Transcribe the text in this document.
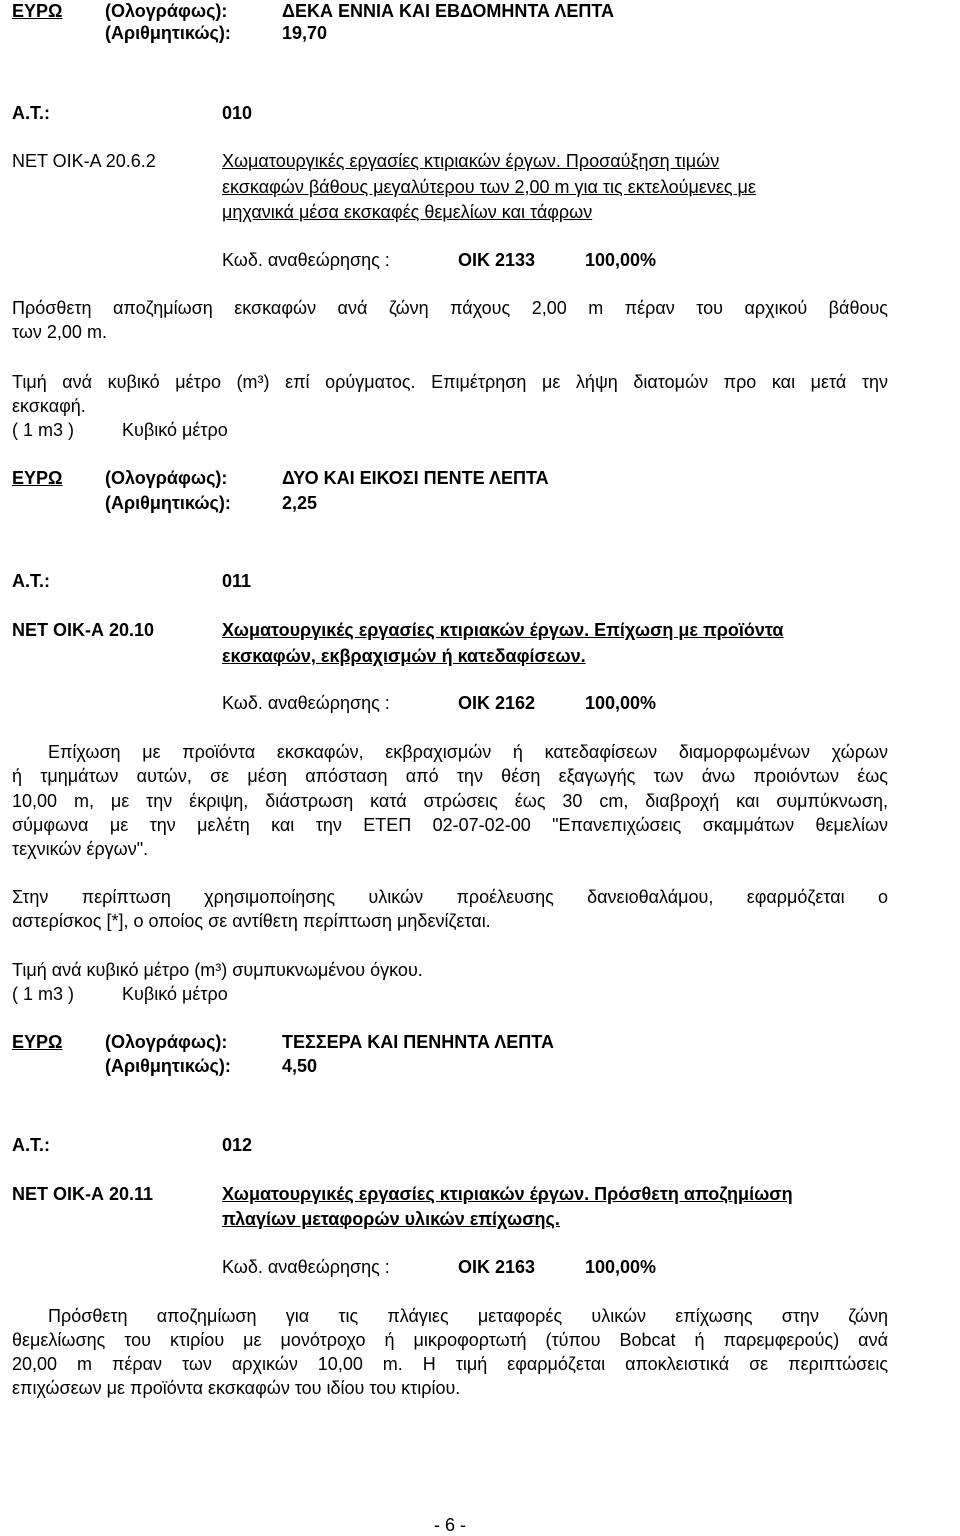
ΕΥΡΩ (Ολογράφως):	ΔΕΚΑ ΕΝΝΙΑ ΚΑΙ ΕΒΔΟΜΗΝΤΑ ΛΕΠΤΑ
(Αριθμητικώς):	19,70
Α.Τ.:	010
ΝΕΤ ΟΙΚ-Α 20.6.2	Χωματουργικές εργασίες κτιριακών έργων. Προσαύξηση τιμών
εκσκαφών βάθους μεγαλύτερου των 2,00 m για τις εκτελούμενες με
μηχανικά μέσα εκσκαφές θεμελίων και τάφρων
Κωδ. αναθεώρησης :	ΟΙΚ 2133	100,00%
Πρόσθετη αποζημίωση εκσκαφών ανά ζώνη πάχους 2,00 m πέραν του αρχικού βάθους
των 2,00 m.
Τιμή ανά κυβικό μέτρο (m³) επί ορύγματος. Επιμέτρηση με λήψη διατομών προ και μετά την
εκσκαφή.
( 1 m3 )	Κυβικό μέτρο
ΕΥΡΩ (Ολογράφως):	ΔΥΟ ΚΑΙ ΕΙΚΟΣΙ ΠΕΝΤΕ ΛΕΠΤΑ
(Αριθμητικώς):	2,25
Α.Τ.:	011
ΝΕΤ ΟΙΚ-Α 20.10	Χωματουργικές εργασίες κτιριακών έργων. Επίχωση με προϊόντα
εκσκαφών, εκβραχισμών ή κατεδαφίσεων.
Κωδ. αναθεώρησης :	ΟΙΚ 2162	100,00%
Επίχωση με προϊόντα εκσκαφών, εκβραχισμών ή κατεδαφίσεων διαμορφωμένων χώρων
ή τμημάτων αυτών, σε μέση απόσταση από την θέση εξαγωγής των άνω προιόντων έως
10,00 m, με την έκριψη, διάστρωση κατά στρώσεις έως 30 cm, διαβροχή και συμπύκνωση,
σύμφωνα με την μελέτη και την ΕΤΕΠ 02-07-02-00 "Επανεπιχώσεις σκαμμάτων θεμελίων
τεχνικών έργων".
Στην περίπτωση χρησιμοποίησης υλικών προέλευσης δανειοθαλάμου, εφαρμόζεται ο
αστερίσκος [*], ο οποίος σε αντίθετη περίπτωση μηδενίζεται.
Τιμή ανά κυβικό μέτρο (m³) συμπυκνωμένου όγκου.
( 1 m3 )	Κυβικό μέτρο
ΕΥΡΩ (Ολογράφως):	ΤΕΣΣΕΡΑ ΚΑΙ ΠΕΝΗΝΤΑ ΛΕΠΤΑ
(Αριθμητικώς):	4,50
Α.Τ.:	012
ΝΕΤ ΟΙΚ-Α 20.11	Χωματουργικές εργασίες κτιριακών έργων. Πρόσθετη αποζημίωση
πλαγίων μεταφορών υλικών επίχωσης.
Κωδ. αναθεώρησης :	ΟΙΚ 2163	100,00%
Πρόσθετη αποζημίωση για τις πλάγιες μεταφορές υλικών επίχωσης στην ζώνη
θεμελίωσης του κτιρίου με μονότροχο ή μικροφορτωτή (τύπου Bobcat ή παρεμφερούς) ανά
20,00 m πέραν των αρχικών 10,00 m. Η τιμή εφαρμόζεται αποκλειστικά σε περιπτώσεις
επιχώσεων με προϊόντα εκσκαφών του ιδίου του κτιρίου.
- 6 -
